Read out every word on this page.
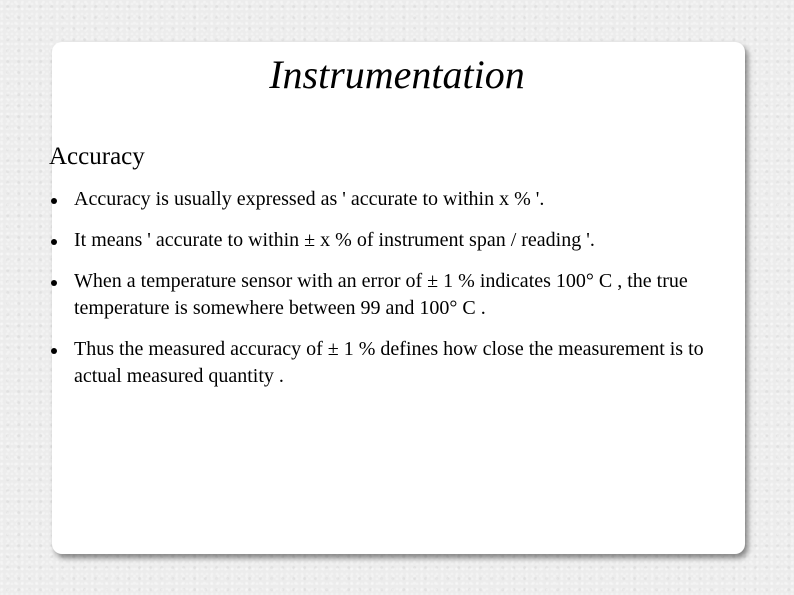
Instrumentation
Accuracy
Accuracy is usually expressed as ' accurate to within x % '.
It means ' accurate to within ± x % of instrument span / reading '.
When a temperature sensor with an error of ± 1 % indicates 100° C , the true temperature is somewhere between 99 and 100° C .
Thus the measured accuracy of ± 1 % defines how close the measurement is to actual measured quantity .
